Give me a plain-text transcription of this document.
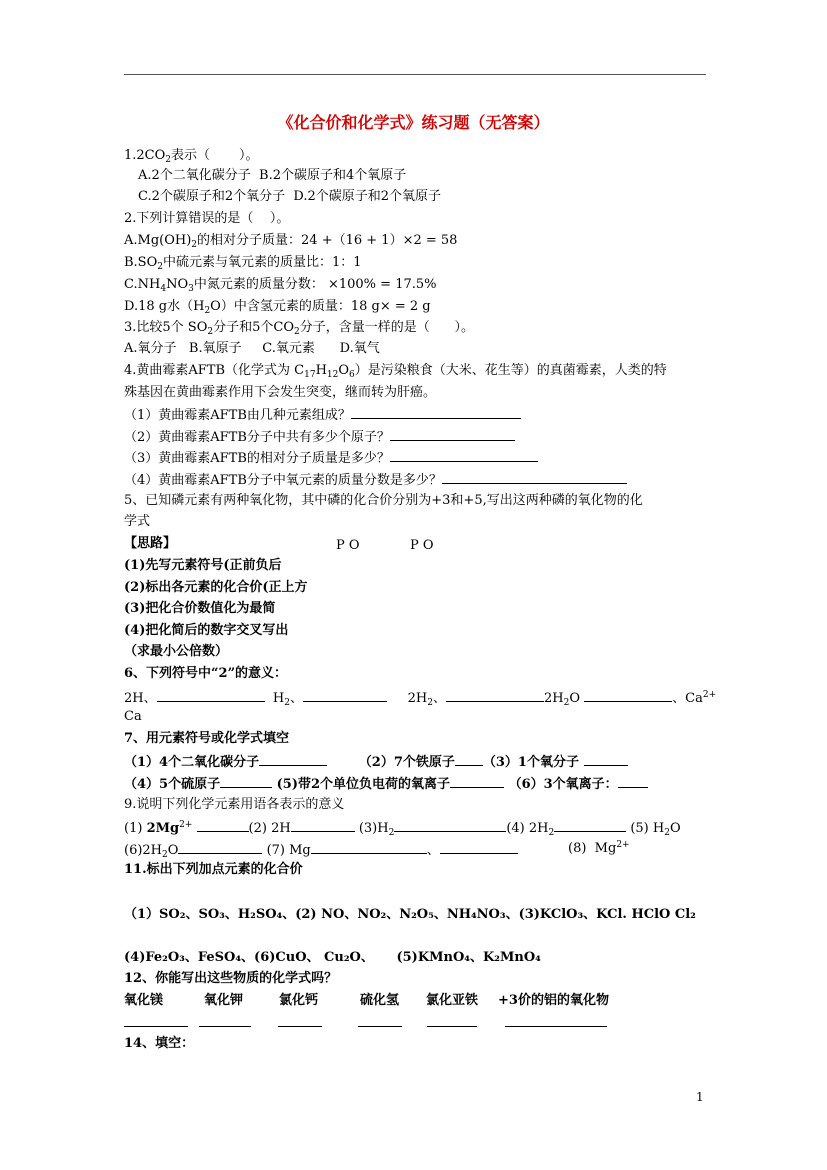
《化合价和化学式》练习题（无答案）
$1.2CO_2$表示（       ）。
A.2个二氧化碳分子  B.2个碳原子和4个氧原子
C.2个碳原子和2个氧分子  D.2个碳原子和2个氧原子
2.下列计算错误的是（    ）。
$A.Mg(OH)_2$的相对分子质量：24 +（16 + 1）×2 = 58
$B.SO_2$中硫元素与氧元素的质量比：1：1
$C.NH_4NO_3$中氮元素的质量分数： ×100% = 17.5%
D.18 g水$(H_2O)$中含氢元素的质量：18 g× = 2 g
3.比较5个 $SO_2$分子和5个$CO_2$分子，含量一样的是（      ）。
A.氧分子   B.氧原子     C.氧元素      D.氧气
4.黄曲霉素AFTB（化学式为 $C_{17}H_{12}O_6$）是污染粮食（大米、花生等）的真菌霉素，人类的特
殊基因在黄曲霉素作用下会发生突变，继而转为肝癌。
（1）黄曲霉素AFTB由几种元素组成？
（2）黄曲霉素AFTB分子中共有多少个原子？
（3）黄曲霉素AFTB的相对分子质量是多少？
（4）黄曲霉素AFTB分子中氧元素的质量分数是多少？
5、已知磷元素有两种氧化物，其中磷的化合价分别为+3和+5,写出这两种磷的氧化物的化
学式
【思路】	P O	P O
(1)先写元素符号(正前负后
(2)标出各元素的化合价(正上方
(3)把化合价数值化为最简
(4)把化简后的数字交叉写出
（求最小公倍数）
6、下列符号中“2”的意义：
2H、	$H_2$、	$2H_2$、	$2H_2O$	、$Ca^{2+}$
Ca
7、用元素符号或化学式填空
（1）4个二氧化碳分子	（2）7个铁原子 （3）1个氧分子
（4）5个硫原子	(5)带2个单位负电荷的氧离子	（6）3个氧离子：
9.说明下列化学元素用语各表示的意义
(1) $2Mg^{2+}$	(2) 2H	$(3)H_2$	(4) $2H_2$	(5) $H_2O$
$(6)2H_2O$	(7) Mg	、	(8)  $Mg^{2+}$
11.标出下列加点元素的化合价
（1）SO₂、SO₃、H₂SO₄、(2) NO、NO₂、N₂O₅、NH₄NO₃、(3)KClO₃、KCl. HClO Cl₂
(4)Fe₂O₃、FeSO₄、(6)CuO、 Cu₂O、     (5)KMnO₄、K₂MnO₄
12、你能写出这些物质的化学式吗？
氧化镁	氧化钾	氯化钙	硫化氢 氯化亚铁 +3价的铝的氧化物
14、填空：
1
